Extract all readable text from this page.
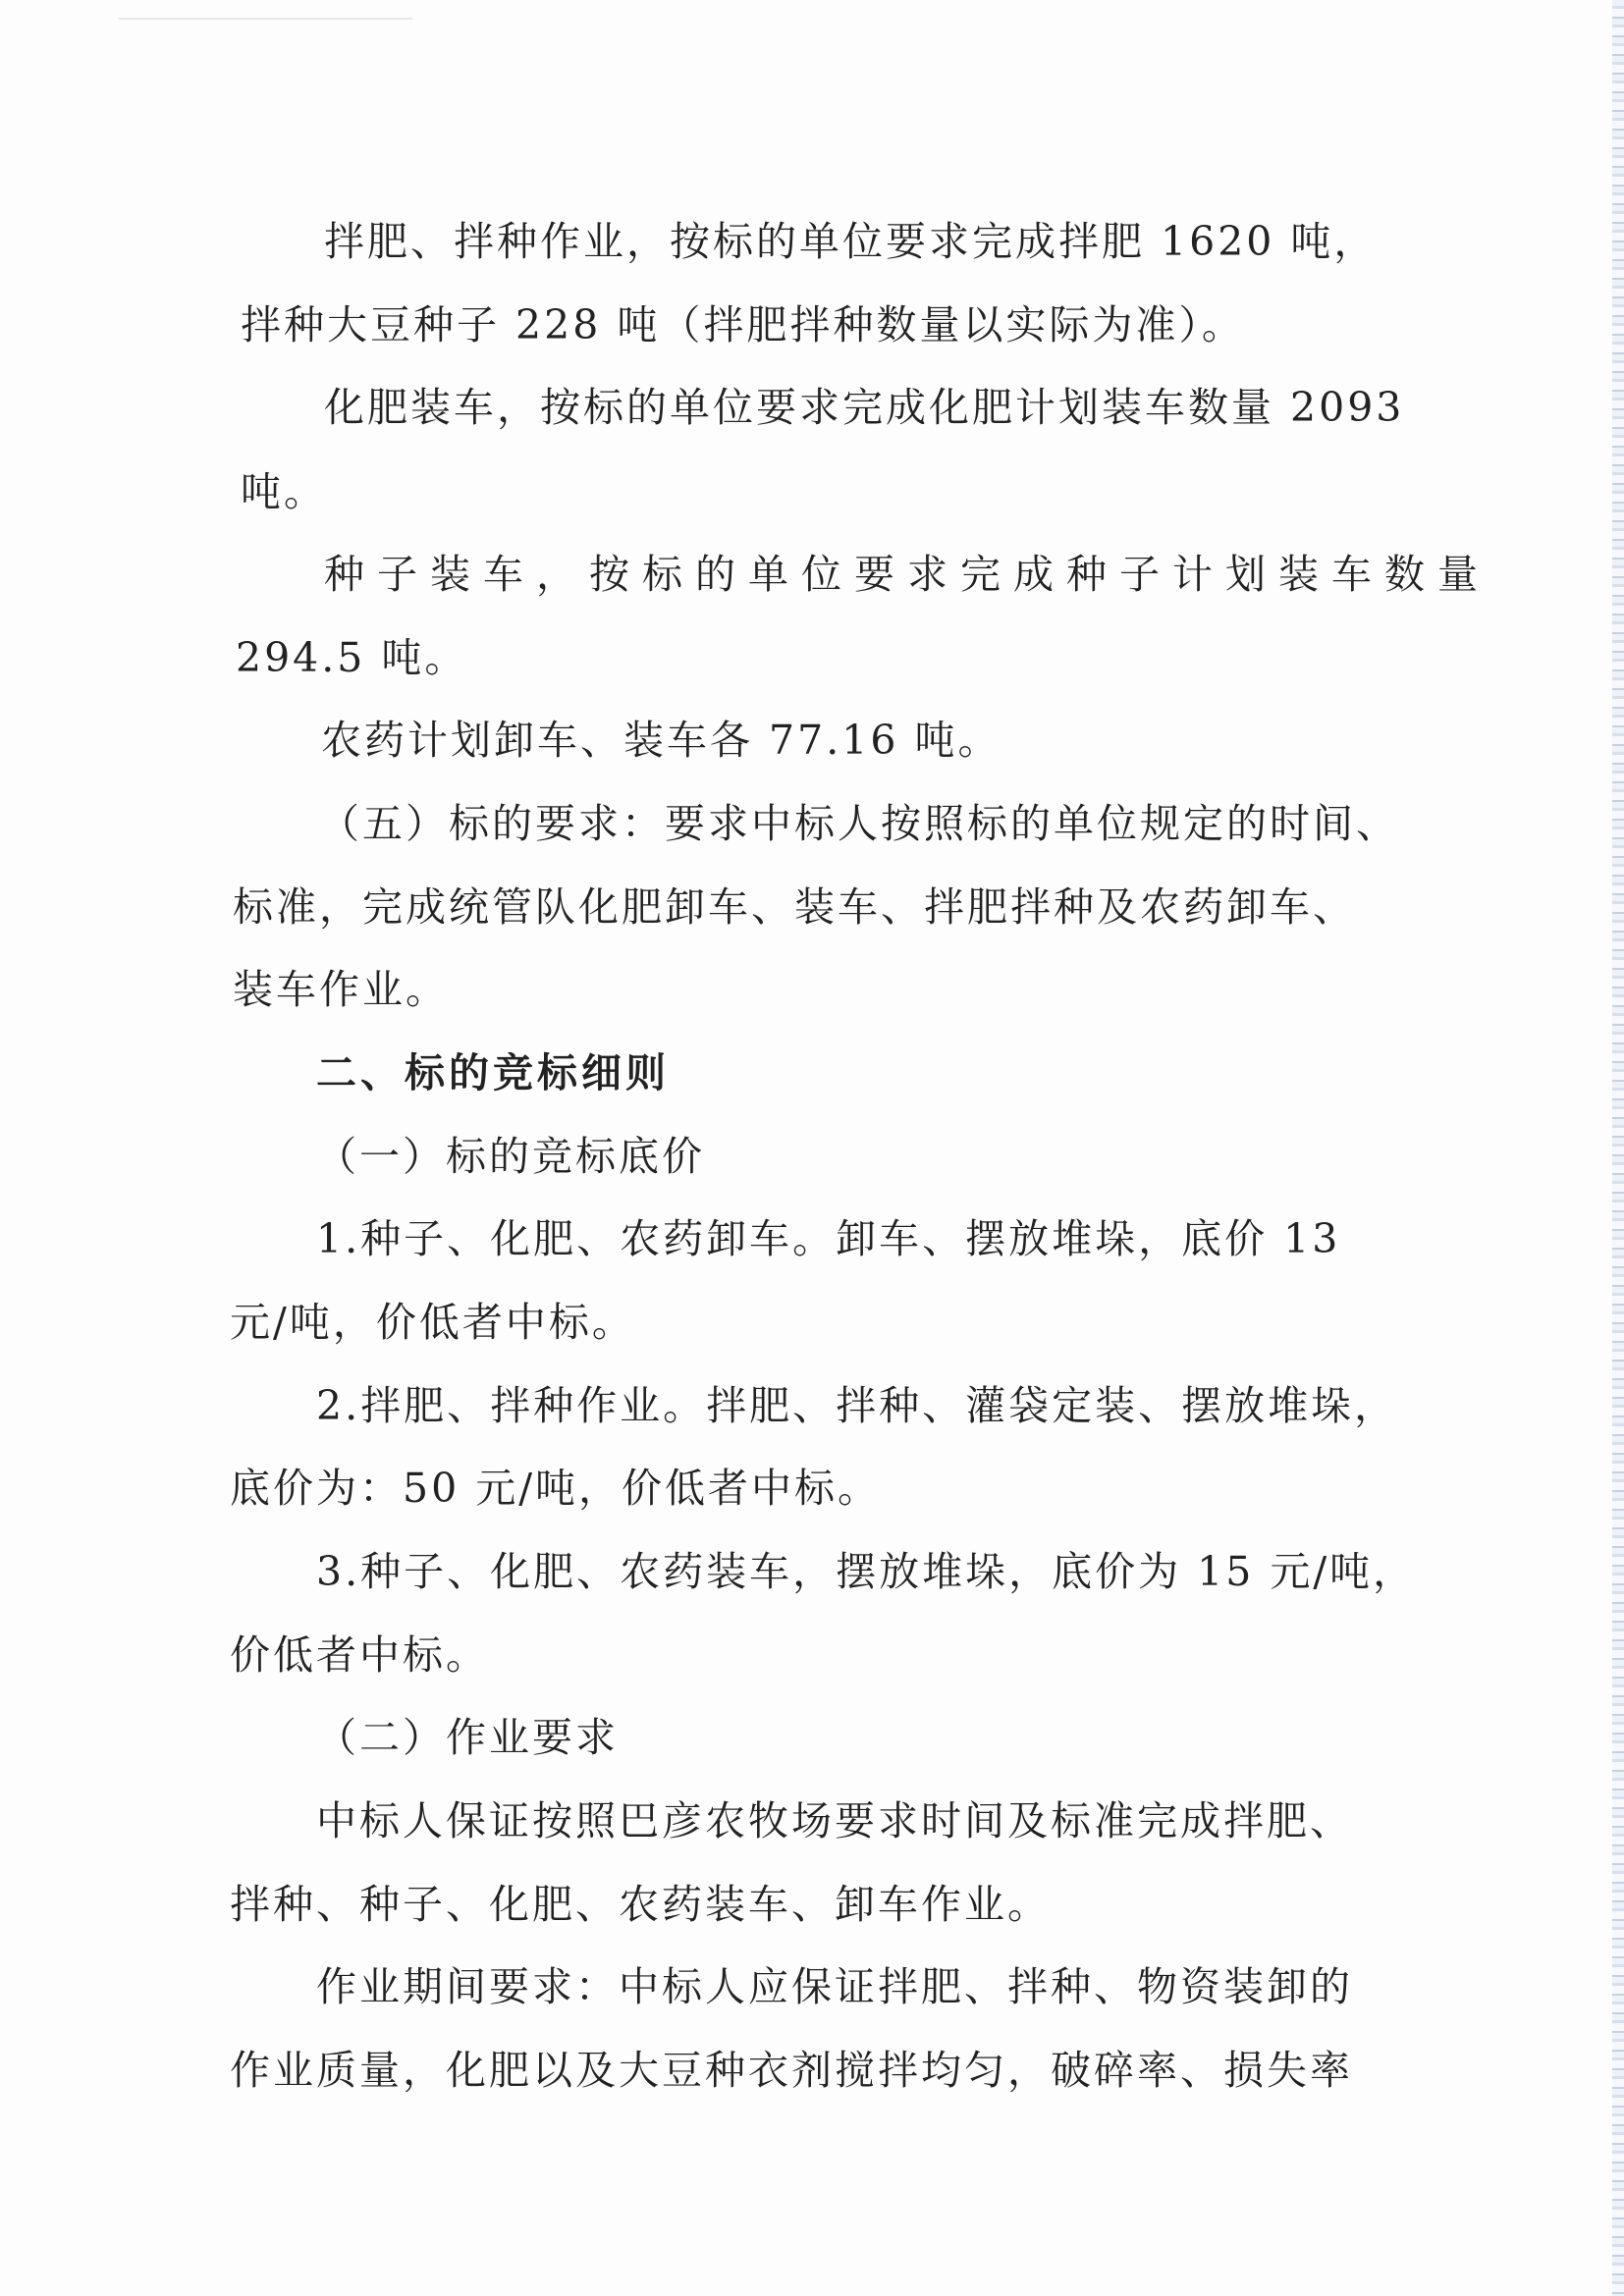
拌肥、拌种作业，按标的单位要求完成拌肥 1620 吨，
拌种大豆种子 228 吨（拌肥拌种数量以实际为准）。
化肥装车，按标的单位要求完成化肥计划装车数量 2093
吨。
种子装车，按标的单位要求完成种子计划装车数量
294.5 吨。
农药计划卸车、装车各 77.16 吨。
（五）标的要求：要求中标人按照标的单位规定的时间、
标准，完成统管队化肥卸车、装车、拌肥拌种及农药卸车、
装车作业。
二、标的竞标细则
（一）标的竞标底价
1.种子、化肥、农药卸车。卸车、摆放堆垛，底价 13
元/吨，价低者中标。
2.拌肥、拌种作业。拌肥、拌种、灌袋定装、摆放堆垛，
底价为：50 元/吨，价低者中标。
3.种子、化肥、农药装车，摆放堆垛，底价为 15 元/吨，
价低者中标。
（二）作业要求
中标人保证按照巴彦农牧场要求时间及标准完成拌肥、
拌种、种子、化肥、农药装车、卸车作业。
作业期间要求：中标人应保证拌肥、拌种、物资装卸的
作业质量，化肥以及大豆种衣剂搅拌均匀，破碎率、损失率
